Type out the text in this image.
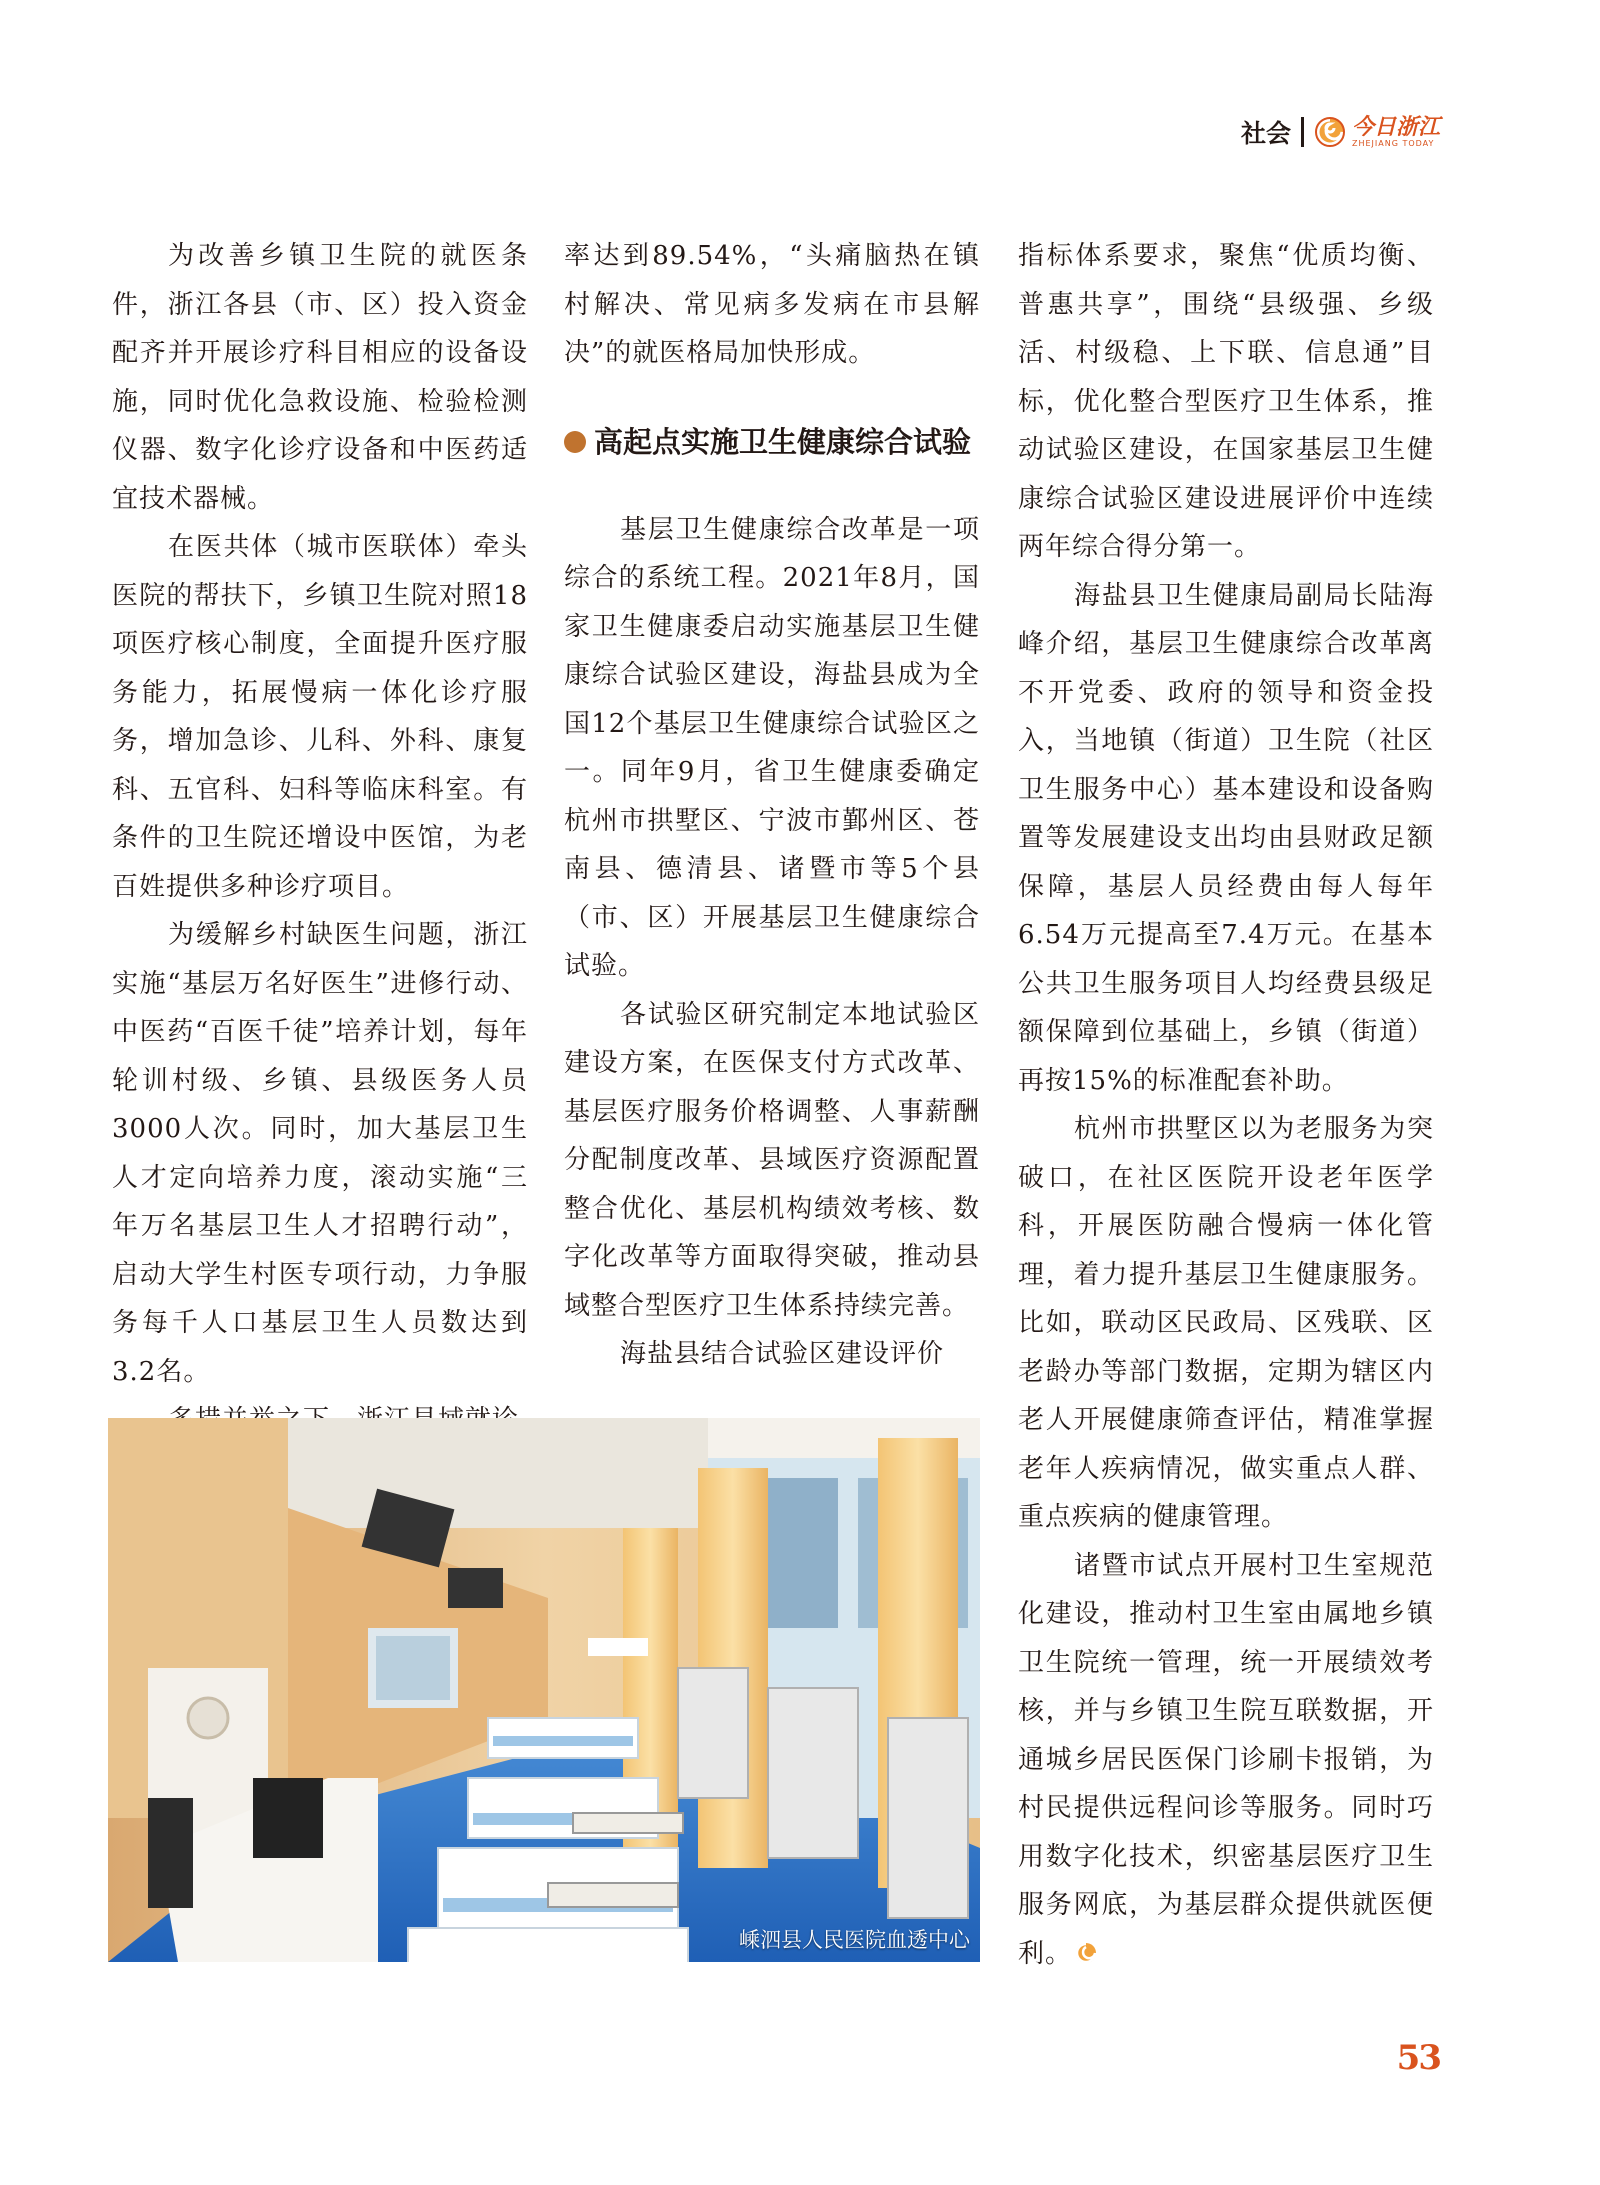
社会	今日浙江
ZHEJIANG TODAY

为改善乡镇卫生院的就医条件，浙江各县（市、区）投入资金配齐并开展诊疗科目相应的设备设施，同时优化急救设施、检验检测仪器、数字化诊疗设备和中医药适宜技术器械。

在医共体（城市医联体）牵头医院的帮扶下，乡镇卫生院对照18项医疗核心制度，全面提升医疗服务能力，拓展慢病一体化诊疗服务，增加急诊、儿科、外科、康复科、五官科、妇科等临床科室。有条件的卫生院还增设中医馆，为老百姓提供多种诊疗项目。

为缓解乡村缺医生问题，浙江实施“基层万名好医生”进修行动、中医药“百医千徒”培养计划，每年轮训村级、乡镇、县级医务人员3000人次。同时，加大基层卫生人才定向培养力度，滚动实施“三年万名基层卫生人才招聘行动”，启动大学生村医专项行动，力争服务每千人口基层卫生人员数达到3.2名。

率达到89.54%，“头痛脑热在镇村解决、常见病多发病在市县解决”的就医格局加快形成。

高起点实施卫生健康综合试验

基层卫生健康综合改革是一项综合的系统工程。2021年8月，国家卫生健康委启动实施基层卫生健康综合试验区建设，海盐县成为全国12个基层卫生健康综合试验区之一。同年9月，省卫生健康委确定杭州市拱墅区、宁波市鄞州区、苍南县、德清县、诸暨市等5个县（市、区）开展基层卫生健康综合试验。

各试验区研究制定本地试验区建设方案，在医保支付方式改革、基层医疗服务价格调整、人事薪酬分配制度改革、县域医疗资源配置整合优化、基层机构绩效考核、数字化改革等方面取得突破，推动县域整合型医疗卫生体系持续完善。

海盐县结合试验区建设评价

指标体系要求，聚焦“优质均衡、普惠共享”，围绕“县级强、乡级活、村级稳、上下联、信息通”目标，优化整合型医疗卫生体系，推动试验区建设，在国家基层卫生健康综合试验区建设进展评价中连续两年综合得分第一。

海盐县卫生健康局副局长陆海峰介绍，基层卫生健康综合改革离不开党委、政府的领导和资金投入，当地镇（街道）卫生院（社区卫生服务中心）基本建设和设备购置等发展建设支出均由县财政足额保障，基层人员经费由每人每年6.54万元提高至7.4万元。在基本公共卫生服务项目人均经费县级足额保障到位基础上，乡镇（街道）再按15%的标准配套补助。

杭州市拱墅区以为老服务为突破口，在社区医院开设老年医学科，开展医防融合慢病一体化管理，着力提升基层卫生健康服务。比如，联动区民政局、区残联、区老龄办等部门数据，定期为辖区内老人开展健康筛查评估，精准掌握老年人疾病情况，做实重点人群、重点疾病的健康管理。

诸暨市试点开展村卫生室规范化建设，推动村卫生室由属地乡镇卫生院统一管理，统一开展绩效考核，并与乡镇卫生院互联数据，开通城乡居民医保门诊刷卡报销，为村民提供远程问诊等服务。同时巧用数字化技术，织密基层医疗卫生服务网底，为基层群众提供就医便利。

嵊泗县人民医院血透中心
53
